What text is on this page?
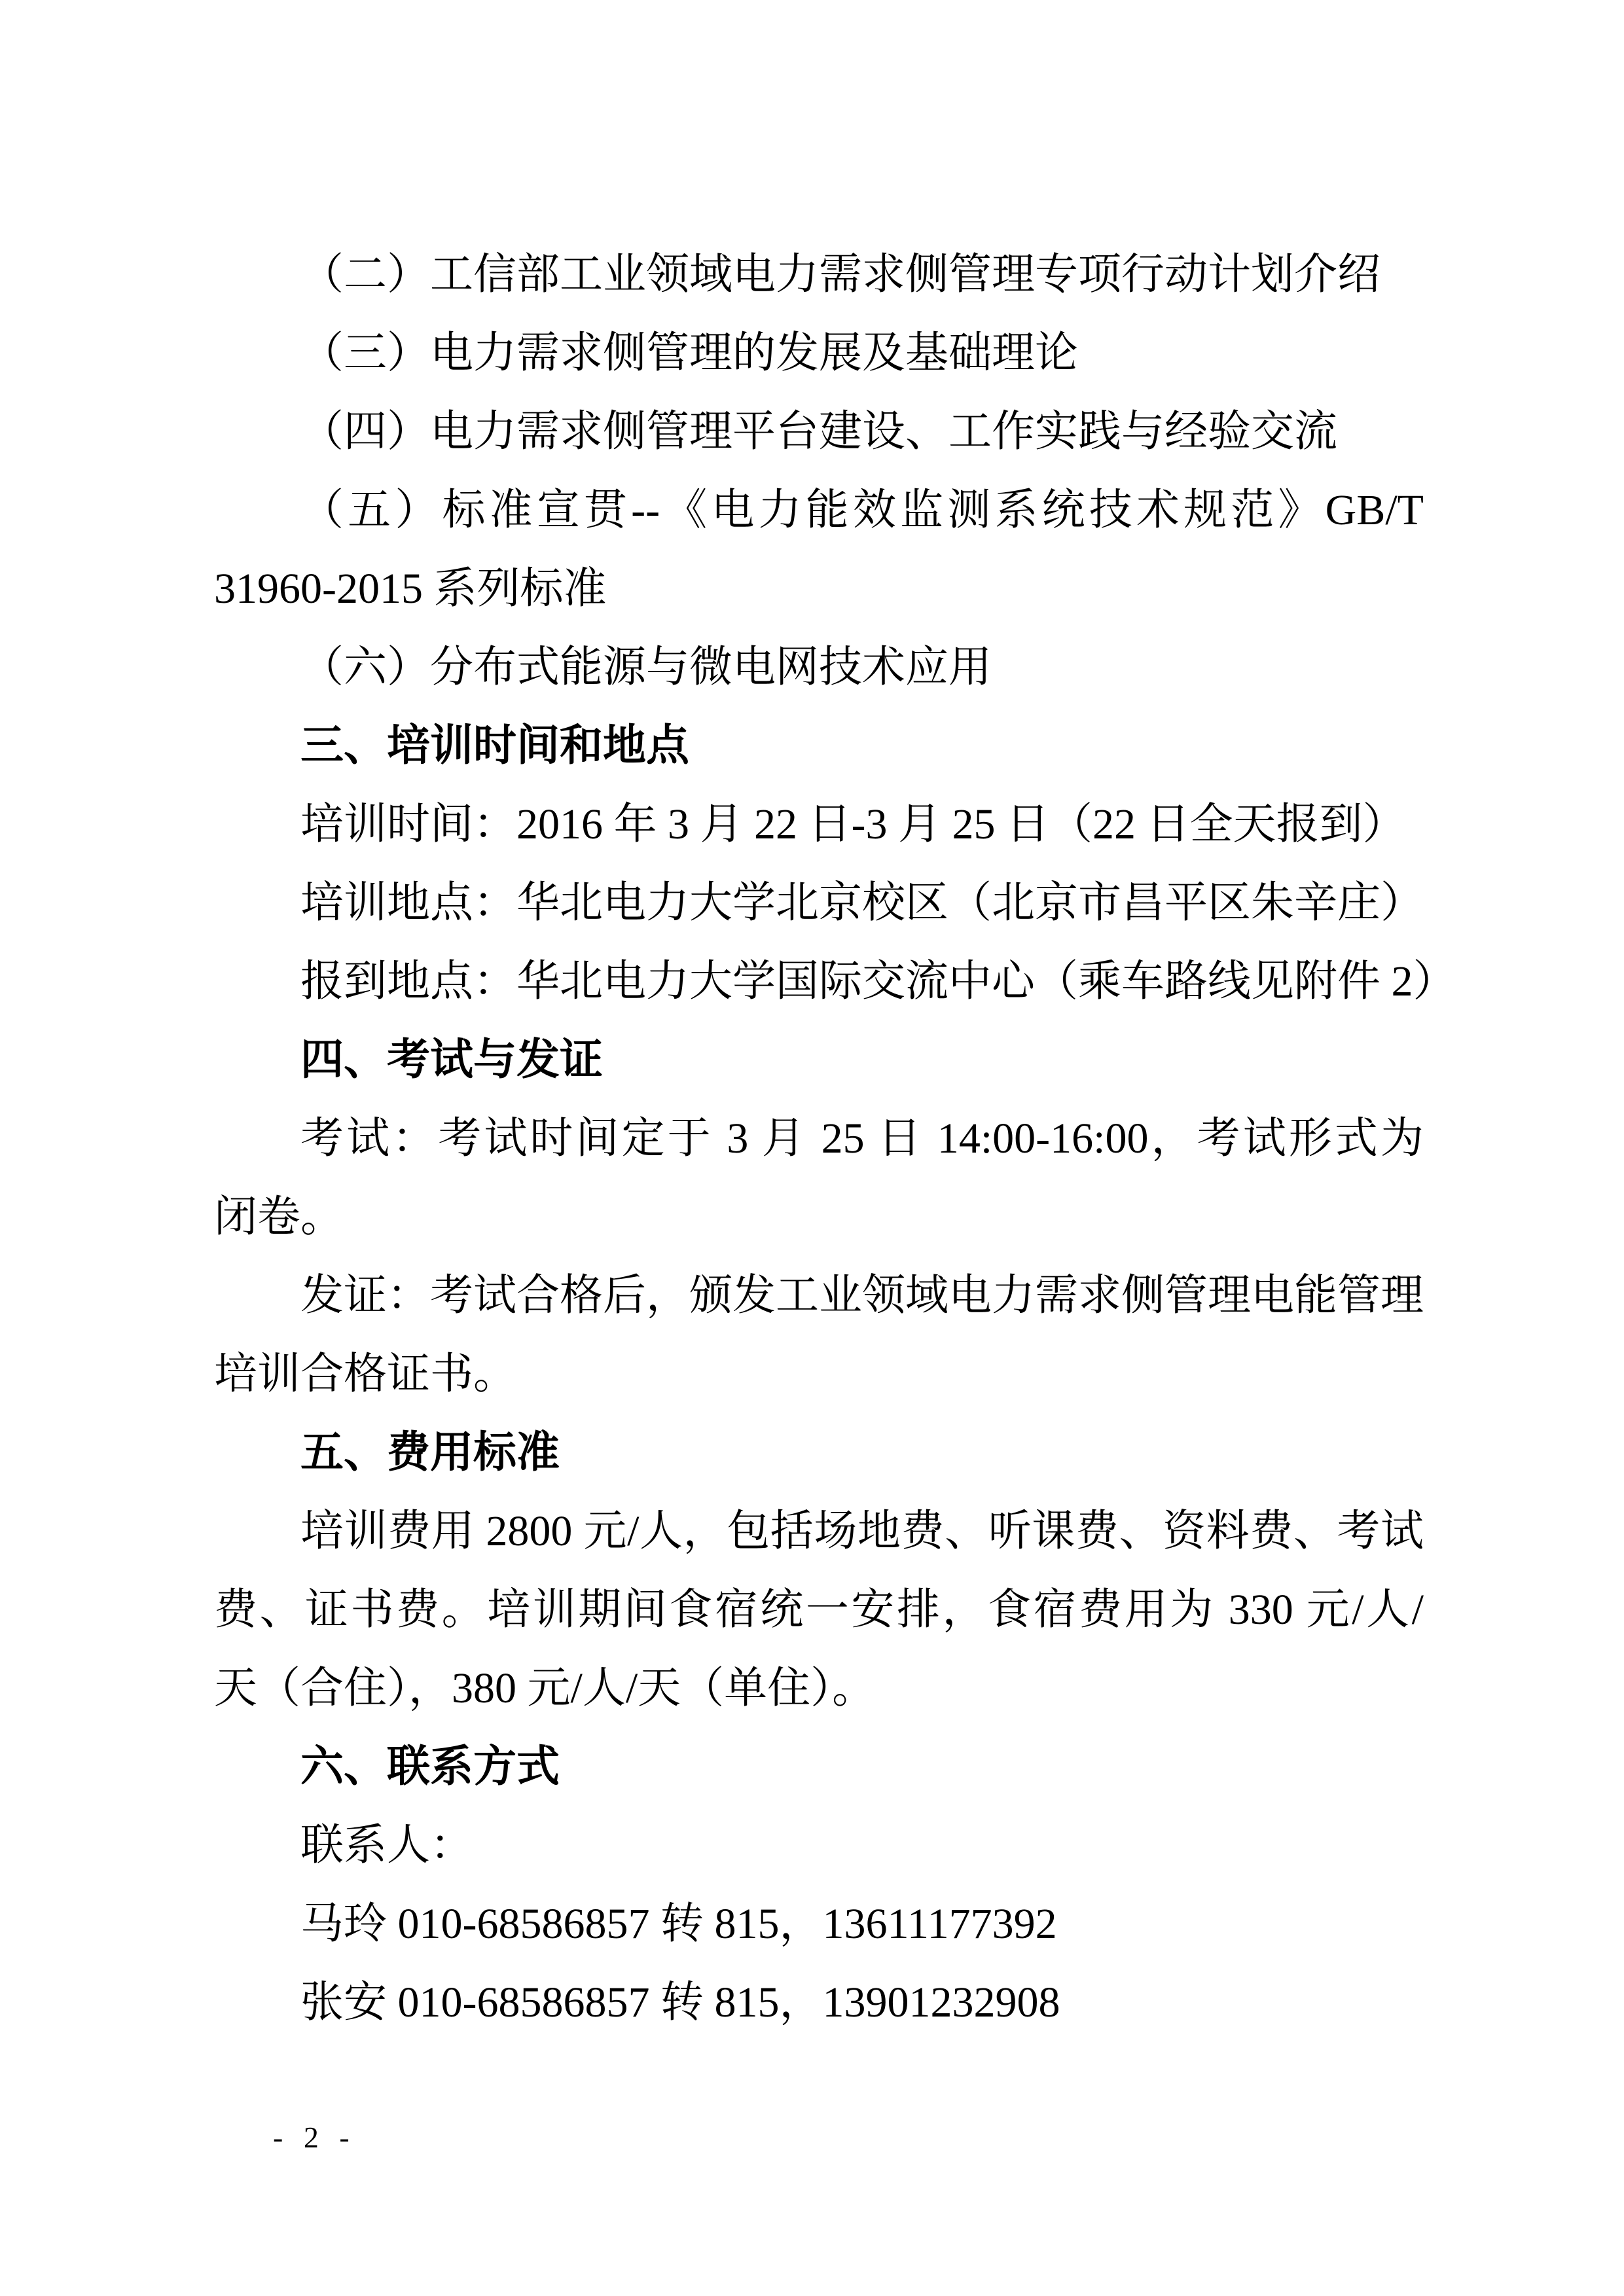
（二）工信部工业领域电力需求侧管理专项行动计划介绍
（三）电力需求侧管理的发展及基础理论
（四）电力需求侧管理平台建设、工作实践与经验交流
（五）标准宣贯--《电力能效监测系统技术规范》GB/T
31960-2015 系列标准
（六）分布式能源与微电网技术应用
三、培训时间和地点
培训时间：2016 年 3 月 22 日-3 月 25 日（22 日全天报到）
培训地点：华北电力大学北京校区（北京市昌平区朱辛庄）
报到地点：华北电力大学国际交流中心（乘车路线见附件 2）
四、考试与发证
考试：考试时间定于 3 月 25 日 14:00-16:00，考试形式为
闭卷。
发证：考试合格后，颁发工业领域电力需求侧管理电能管理
培训合格证书。
五、费用标准
培训费用 2800 元/人，包括场地费、听课费、资料费、考试
费、证书费。培训期间食宿统一安排，食宿费用为 330 元/人/
天（合住），380 元/人/天（单住）。
六、联系方式
联系人：
马玲 010-68586857 转 815，13611177392
张安 010-68586857 转 815，13901232908
- 2 -
